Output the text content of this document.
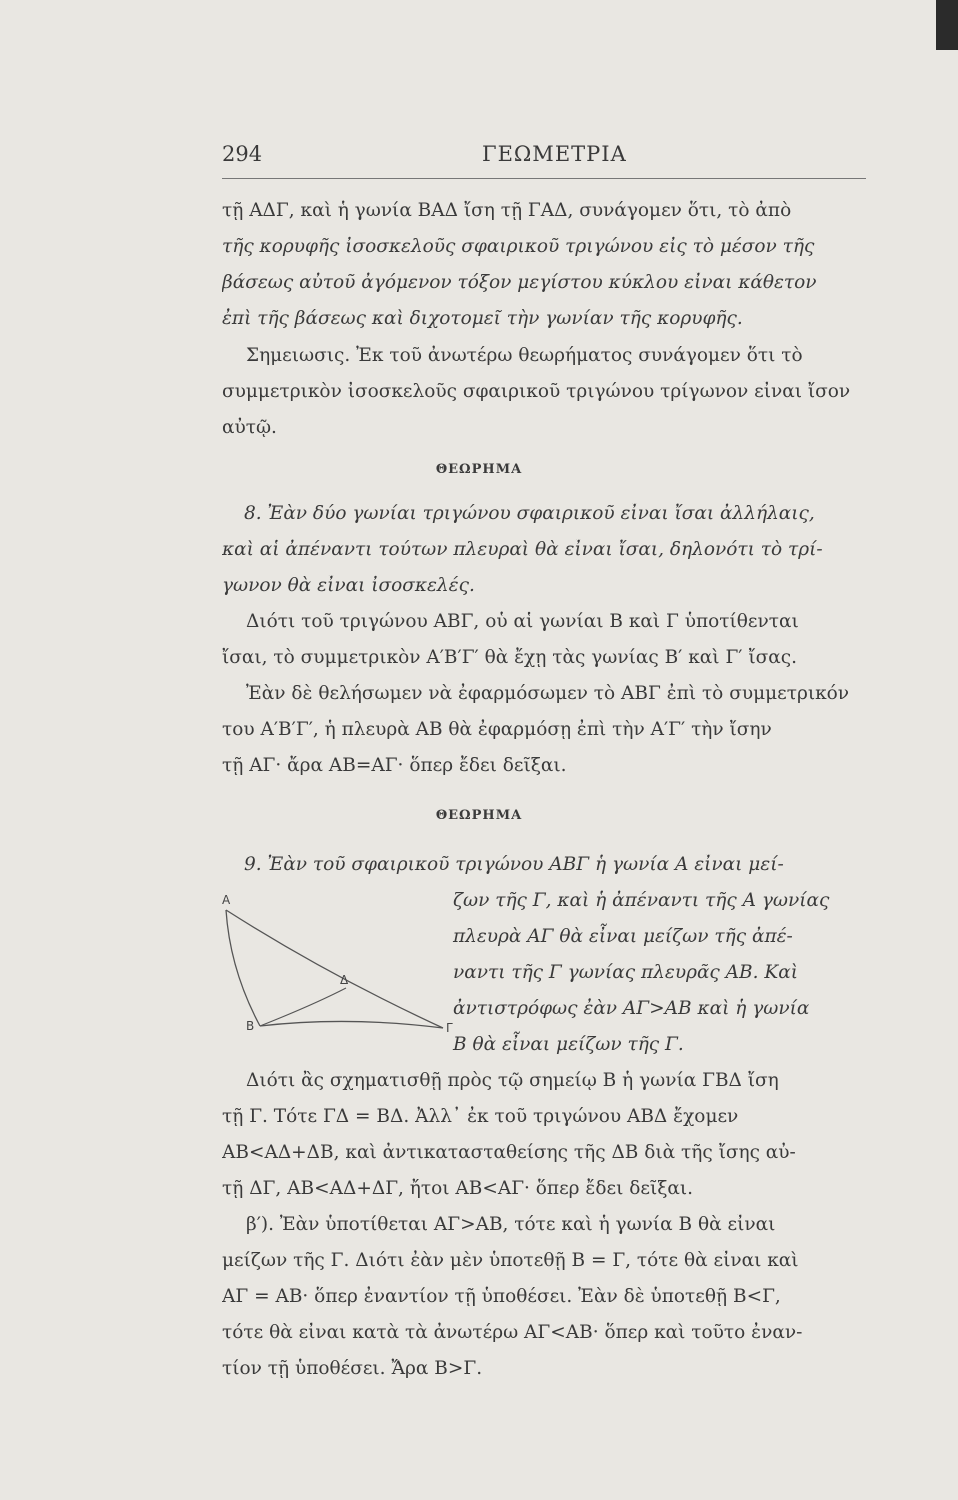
294	ΓΕΩΜΕΤΡΙΑ
τῇ ΑΔΓ, καὶ ἡ γωνία ΒΑΔ ἴση τῇ ΓΑΔ, συνάγομεν ὅτι, τὸ ἀπὸ
τῆς κορυφῆς ἰσοσκελοῦς σφαιρικοῦ τριγώνου εἰς τὸ μέσον τῆς
βάσεως αὐτοῦ ἀγόμενον τόξον μεγίστου κύκλου εἶναι κάθετον
ἐπὶ τῆς βάσεως καὶ διχοτομεῖ τὴν γωνίαν τῆς κορυφῆς.
Σημειωσις. Ἐκ τοῦ ἀνωτέρω θεωρήματος συνάγομεν ὅτι τὸ
συμμετρικὸν ἰσοσκελοῦς σφαιρικοῦ τριγώνου τρίγωνον εἶναι ἴσον
αὐτῷ.
ΘΕΩΡΗΜΑ
8. Ἐὰν δύο γωνίαι τριγώνου σφαιρικοῦ εἶναι ἴσαι ἀλλήλαις,
καὶ αἱ ἀπέναντι τούτων πλευραὶ θὰ εἶναι ἴσαι, δηλονότι τὸ τρί-
γωνον θὰ εἶναι ἰσοσκελές.
Διότι τοῦ τριγώνου ΑΒΓ, οὗ αἱ γωνίαι Β καὶ Γ ὑποτίθενται
ἴσαι, τὸ συμμετρικὸν Α′Β′Γ′ θὰ ἔχῃ τὰς γωνίας Β′ καὶ Γ′ ἴσας.
Ἐὰν δὲ θελήσωμεν νὰ ἐφαρμόσωμεν τὸ ΑΒΓ ἐπὶ τὸ συμμετρικόν
του Α′Β′Γ′, ἡ πλευρὰ ΑΒ θὰ ἐφαρμόσῃ ἐπὶ τὴν Α′Γ′ τὴν ἴσην
τῇ ΑΓ· ἄρα ΑΒ=ΑΓ· ὅπερ ἔδει δεῖξαι.
ΘΕΩΡΗΜΑ
9. Ἐὰν τοῦ σφαιρικοῦ τριγώνου ΑΒΓ ἡ γωνία Α εἶναι μεί-
A
B
Δ
Γ
ζων τῆς Γ, καὶ ἡ ἀπέναντι τῆς Α γωνίας
πλευρὰ ΑΓ θὰ εἶναι μείζων τῆς ἀπέ-
ναντι τῆς Γ γωνίας πλευρᾶς ΑΒ. Καὶ
ἀντιστρόφως ἐὰν ΑΓ>ΑΒ καὶ ἡ γωνία
Β θὰ εἶναι μείζων τῆς Γ.
Διότι ἂς σχηματισθῇ πρὸς τῷ σημείῳ Β ἡ γωνία ΓΒΔ ἴση
τῇ Γ. Τότε ΓΔ = ΒΔ. Ἀλλ᾽ ἐκ τοῦ τριγώνου ΑΒΔ ἔχομεν
ΑΒ<ΑΔ+ΔΒ, καὶ ἀντικατασταθείσης τῆς ΔΒ διὰ τῆς ἴσης αὐ-
τῇ ΔΓ, ΑΒ<ΑΔ+ΔΓ, ἤτοι ΑΒ<ΑΓ· ὅπερ ἔδει δεῖξαι.
β′). Ἐὰν ὑποτίθεται ΑΓ>ΑΒ, τότε καὶ ἡ γωνία Β θὰ εἶναι
μείζων τῆς Γ. Διότι ἐὰν μὲν ὑποτεθῇ Β = Γ, τότε θὰ εἶναι καὶ
ΑΓ = ΑΒ· ὅπερ ἐναντίον τῇ ὑποθέσει. Ἐὰν δὲ ὑποτεθῇ Β<Γ,
τότε θὰ εἶναι κατὰ τὰ ἀνωτέρω ΑΓ<ΑΒ· ὅπερ καὶ τοῦτο ἐναν-
τίον τῇ ὑποθέσει. Ἄρα Β>Γ.
